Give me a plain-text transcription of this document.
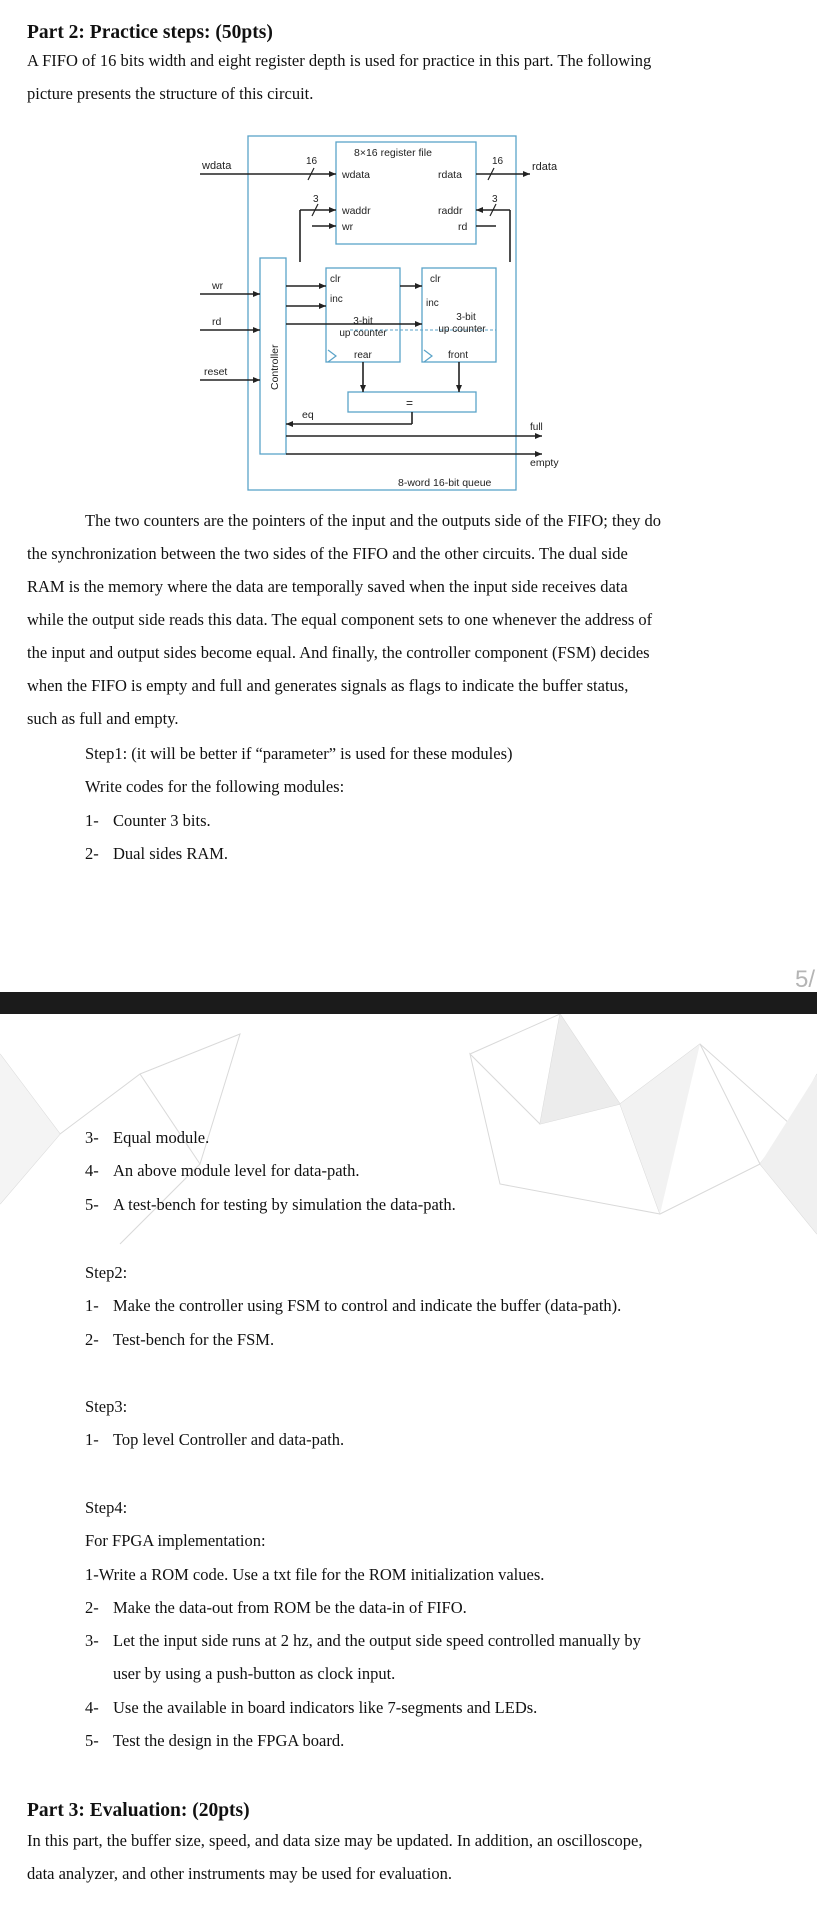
Part 2: Practice steps: (50pts)
A FIFO of 16 bits width and eight register depth is used for practice in this part. The following
picture presents the structure of this circuit.
wdata	rdata
16	16
3	3
8×16 register file
wdata	rdata
waddr	raddr
wr	rd
wr
rd
reset	Controller
clr
inc
3-bit
up counter
rear
clr
inc
3-bit
up counter
front
eq
=
full
empty
8-word 16-bit queue
The two counters are the pointers of the input and the outputs side of the FIFO; they do
the synchronization between the two sides of the FIFO and the other circuits. The dual side
RAM is the memory where the data are temporally saved when the input side receives data
while the output side reads this data. The equal component sets to one whenever the address of
the input and output sides become equal. And finally, the controller component (FSM) decides
when the FIFO is empty and full and generates signals as flags to indicate the buffer status,
such as full and empty.
Step1: (it will be better if “parameter” is used for these modules)
Write codes for the following modules:
1- Counter 3 bits.
2- Dual sides RAM.
5/
3- Equal module.
4- An above module level for data-path.
5- A test-bench for testing by simulation the data-path.
Step2:
1- Make the controller using FSM to control and indicate the buffer (data-path).
2- Test-bench for the FSM.
Step3:
1- Top level Controller and data-path.
Step4:
For FPGA implementation:
1-Write a ROM code. Use a txt file for the ROM initialization values.
2- Make the data-out from ROM be the data-in of FIFO.
3- Let the input side runs at 2 hz, and the output side speed controlled manually by
user by using a push-button as clock input.
4- Use the available in board indicators like 7-segments and LEDs.
5- Test the design in the FPGA board.
Part 3: Evaluation: (20pts)
In this part, the buffer size, speed, and data size may be updated. In addition, an oscilloscope,
data analyzer, and other instruments may be used for evaluation.
